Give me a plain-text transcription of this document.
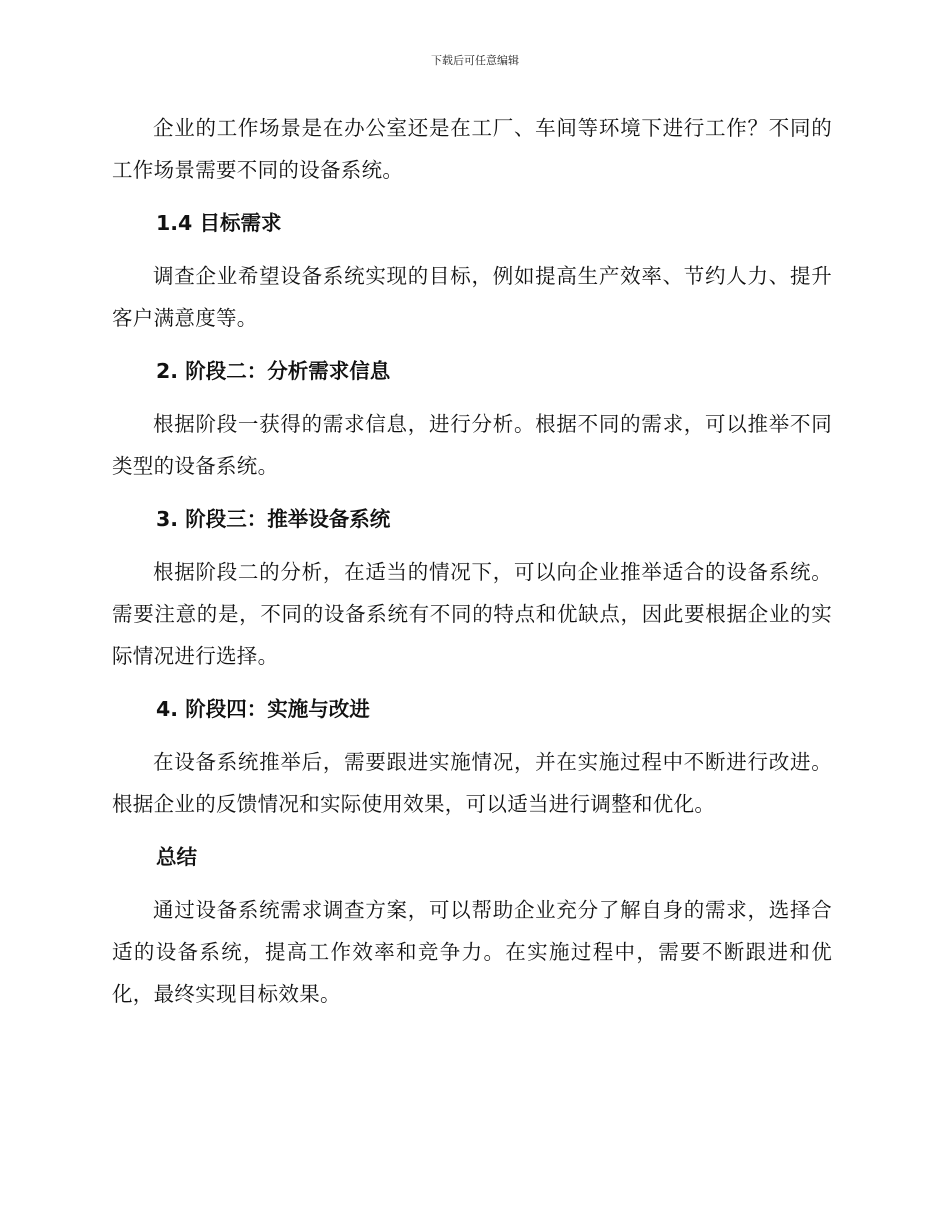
下载后可任意编辑

企业的工作场景是在办公室还是在工厂、车间等环境下进行工作？不同的工作场景需要不同的设备系统。

1.4 目标需求

调查企业希望设备系统实现的目标，例如提高生产效率、节约人力、提升客户满意度等。

2. 阶段二：分析需求信息

根据阶段一获得的需求信息，进行分析。根据不同的需求，可以推举不同类型的设备系统。

3. 阶段三：推举设备系统

根据阶段二的分析，在适当的情况下，可以向企业推举适合的设备系统。需要注意的是，不同的设备系统有不同的特点和优缺点，因此要根据企业的实际情况进行选择。

4. 阶段四：实施与改进

在设备系统推举后，需要跟进实施情况，并在实施过程中不断进行改进。根据企业的反馈情况和实际使用效果，可以适当进行调整和优化。

总结

通过设备系统需求调查方案，可以帮助企业充分了解自身的需求，选择合适的设备系统，提高工作效率和竞争力。在实施过程中，需要不断跟进和优化，最终实现目标效果。
